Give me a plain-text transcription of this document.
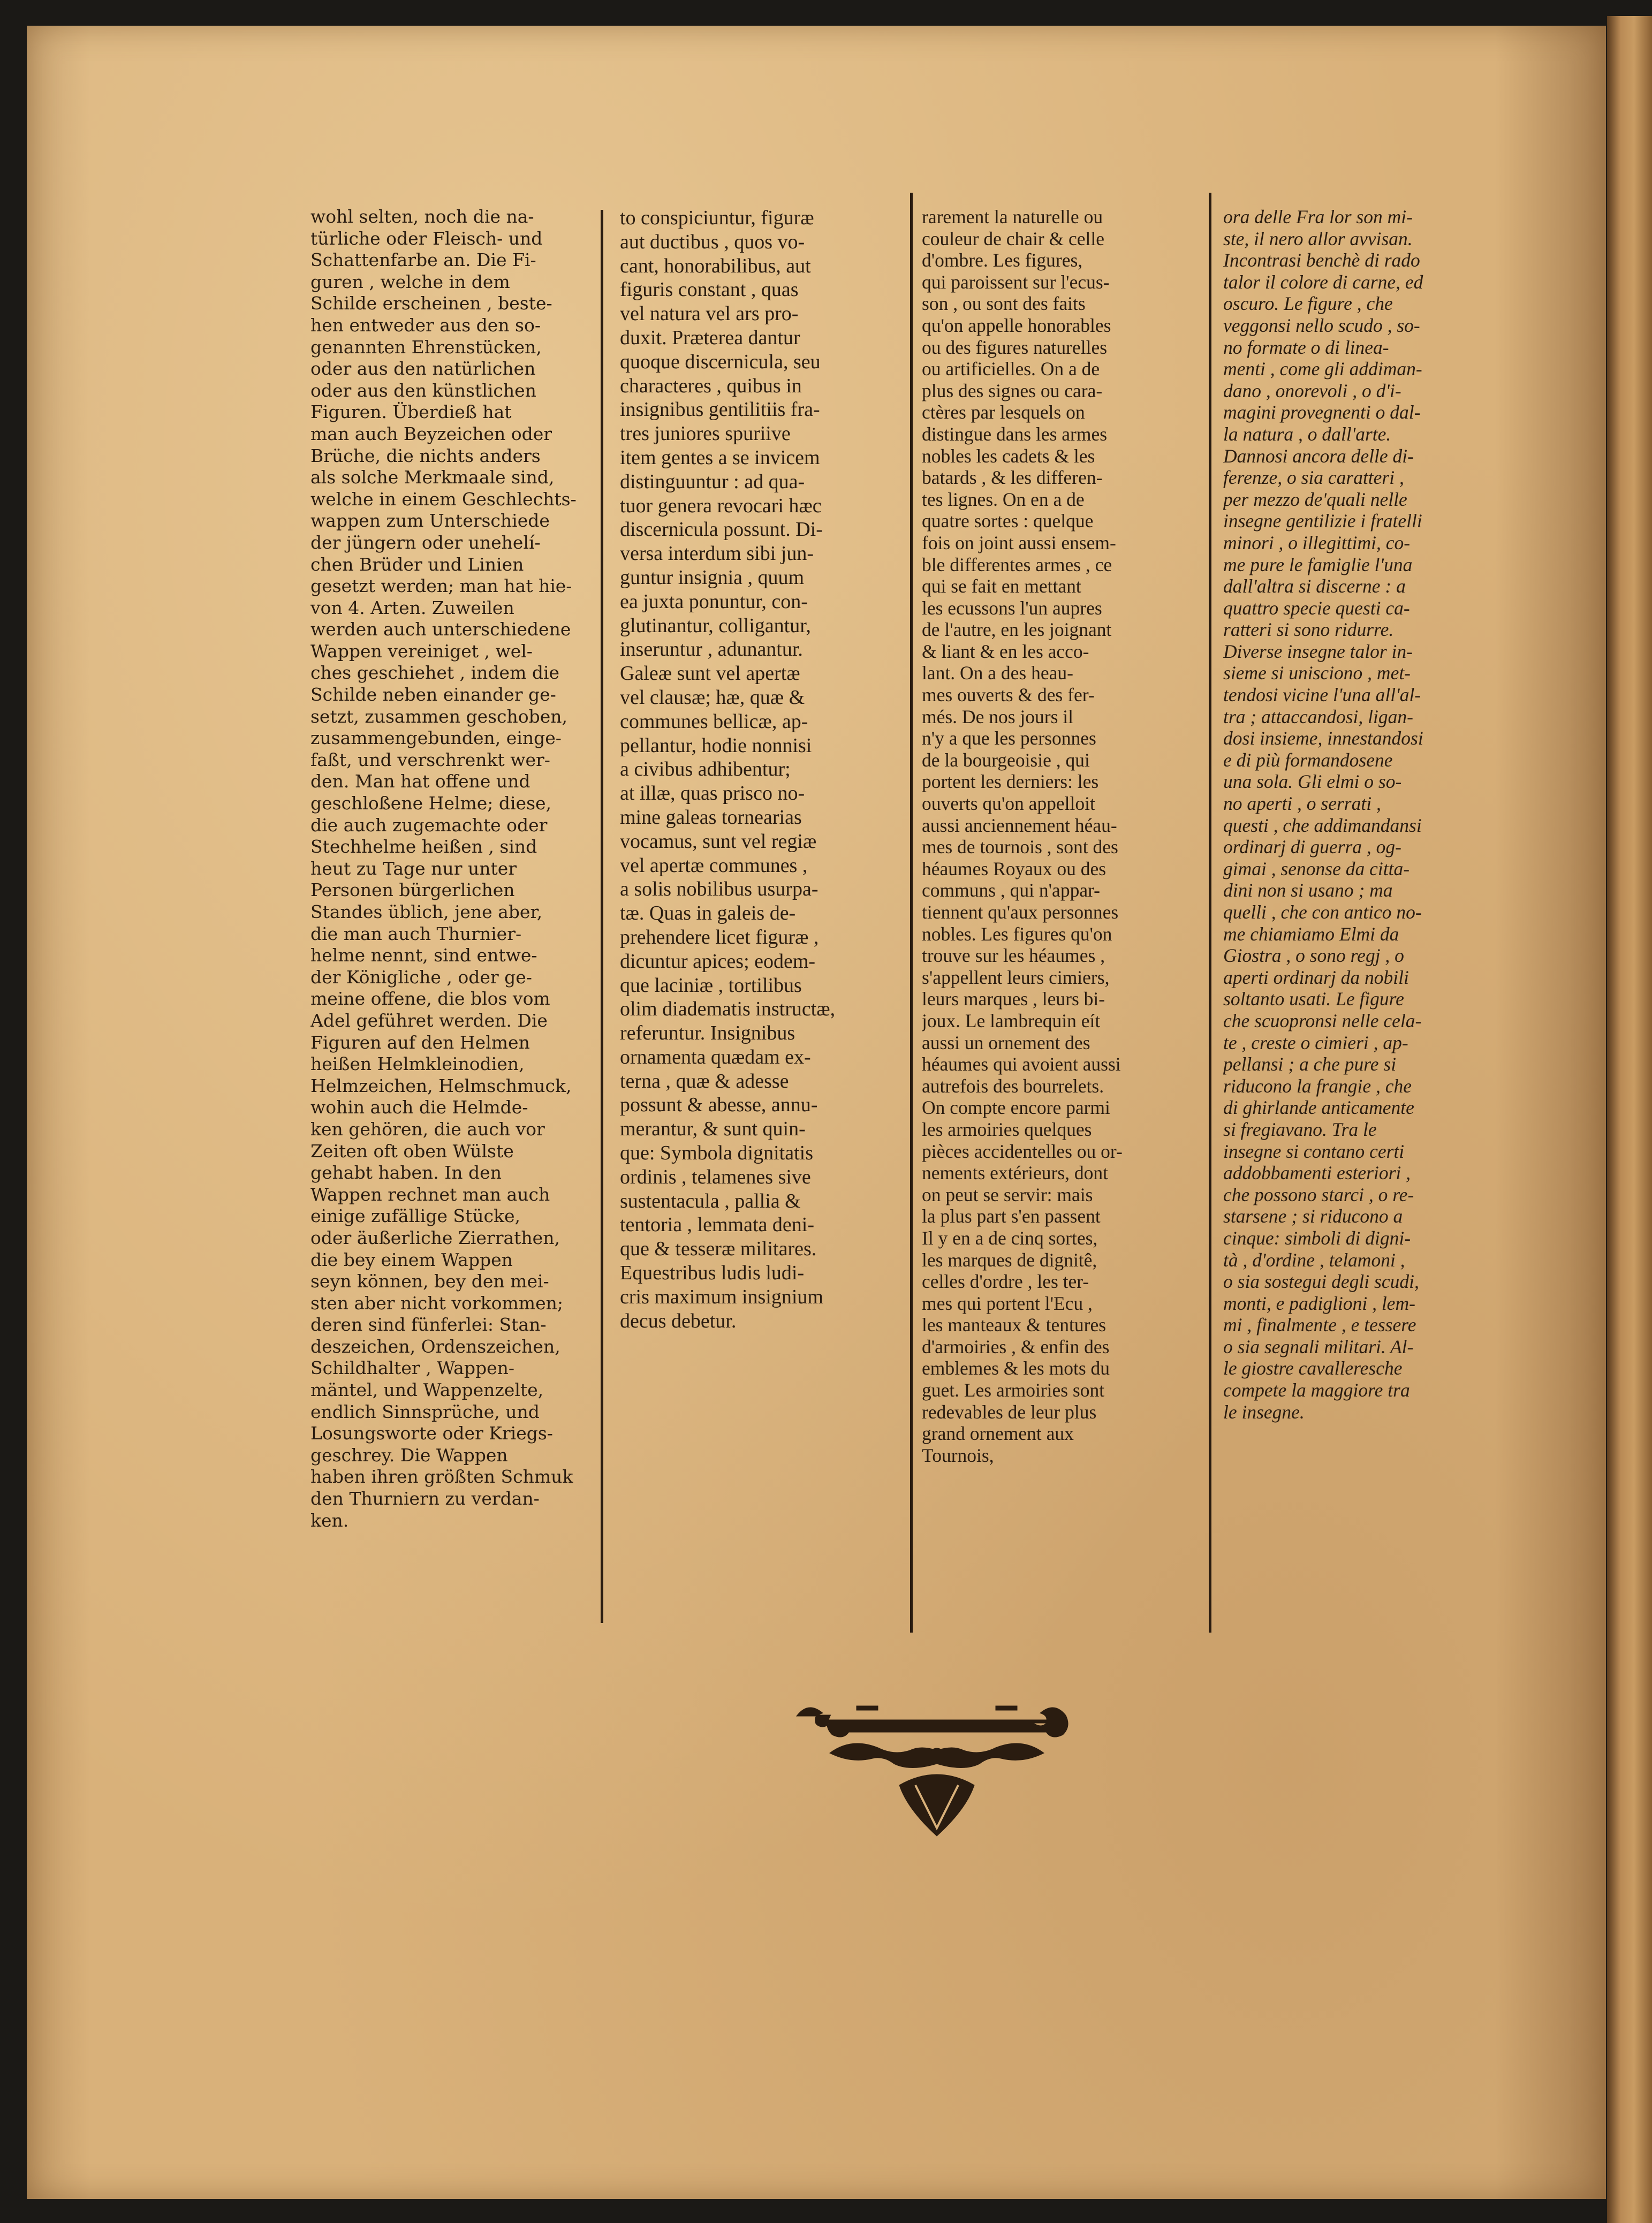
wohl selten, noch die na-
türliche oder Fleisch- und
Schattenfarbe an. Die Fi-
guren , welche in dem
Schilde erscheinen , beste-
hen entweder aus den so-
genannten Ehrenstücken,
oder aus den natürlichen
oder aus den künstlichen
Figuren. Überdieß hat
man auch Beyzeichen oder
Brüche, die nichts anders
als solche Merkmaale sind,
welche in einem Geschlechts-
wappen zum Unterschiede
der jüngern oder unehelí-
chen Brüder und Linien
gesetzt werden; man hat hie-
von 4. Arten. Zuweilen
werden auch unterschiedene
Wappen vereiniget , wel-
ches geschiehet , indem die
Schilde neben einander ge-
setzt, zusammen geschoben,
zusammengebunden, einge-
faßt, und verschrenkt wer-
den. Man hat offene und
geschloßene Helme; diese,
die auch zugemachte oder
Stechhelme heißen , sind
heut zu Tage nur unter
Personen bürgerlichen
Standes üblich, jene aber,
die man auch Thurnier-
helme nennt, sind entwe-
der Königliche , oder ge-
meine offene, die blos vom
Adel geführet werden. Die
Figuren auf den Helmen
heißen Helmkleinodien,
Helmzeichen, Helmschmuck,
wohin auch die Helmde-
ken gehören, die auch vor
Zeiten oft oben Wülste
gehabt haben. In den
Wappen rechnet man auch
einige zufällige Stücke,
oder äußerliche Zierrathen,
die bey einem Wappen
seyn können, bey den mei-
sten aber nicht vorkommen;
deren sind fünferlei: Stan-
deszeichen, Ordenszeichen,
Schildhalter , Wappen-
mäntel, und Wappenzelte,
endlich Sinnsprüche, und
Losungsworte oder Kriegs-
geschrey. Die Wappen
haben ihren größten Schmuk
den Thurniern zu verdan-
ken.
to conspiciuntur, figuræ
aut ductibus , quos vo-
cant, honorabilibus, aut
figuris constant , quas
vel natura vel ars pro-
duxit. Præterea dantur
quoque discernicula, seu
characteres , quibus in
insignibus gentilitiis fra-
tres juniores spuriive
item gentes a se invicem
distinguuntur : ad qua-
tuor genera revocari hæc
discernicula possunt. Di-
versa interdum sibi jun-
guntur insignia , quum
ea juxta ponuntur, con-
glutinantur, colligantur,
inseruntur , adunantur.
Galeæ sunt vel apertæ
vel clausæ; hæ, quæ &
communes bellicæ, ap-
pellantur, hodie nonnisi
a civibus adhibentur;
at illæ, quas prisco no-
mine galeas tornearias
vocamus, sunt vel regiæ
vel apertæ communes ,
a solis nobilibus usurpa-
tæ. Quas in galeis de-
prehendere licet figuræ ,
dicuntur apices; eodem-
que laciniæ , tortilibus
olim diadematis instructæ,
referuntur. Insignibus
ornamenta quædam ex-
terna , quæ & adesse
possunt & abesse, annu-
merantur, & sunt quin-
que: Symbola dignitatis
ordinis , telamenes sive
sustentacula , pallia &
tentoria , lemmata deni-
que & tesseræ militares.
Equestribus ludis ludi-
cris maximum insignium
decus debetur.
rarement la naturelle ou
couleur de chair & celle
d'ombre. Les figures,
qui paroissent sur l'ecus-
son , ou sont des faits
qu'on appelle honorables
ou des figures naturelles
ou artificielles. On a de
plus des signes ou cara-
ctères par lesquels on
distingue dans les armes
nobles les cadets & les
batards , & les differen-
tes lignes. On en a de
quatre sortes : quelque
fois on joint aussi ensem-
ble differentes armes , ce
qui se fait en mettant
les ecussons l'un aupres
de l'autre, en les joignant
& liant & en les acco-
lant. On a des heau-
mes ouverts & des fer-
més. De nos jours il
n'y a que les personnes
de la bourgeoisie , qui
portent les derniers: les
ouverts qu'on appelloit
aussi anciennement héau-
mes de tournois , sont des
héaumes Royaux ou des
communs , qui n'appar-
tiennent qu'aux personnes
nobles. Les figures qu'on
trouve sur les héaumes ,
s'appellent leurs cimiers,
leurs marques , leurs bi-
joux. Le lambrequin eít
aussi un ornement des
héaumes qui avoient aussi
autrefois des bourrelets.
On compte encore parmi
les armoiries quelques
pièces accidentelles ou or-
nements extérieurs, dont
on peut se servir: mais
la plus part s'en passent
Il y en a de cinq sortes,
les marques de dignitê,
celles d'ordre , les ter-
mes qui portent l'Ecu ,
les manteaux & tentures
d'armoiries , & enfin des
emblemes & les mots du
guet. Les armoiries sont
redevables de leur plus
grand ornement aux
Tournois,
ora delle Fra lor son mi-
ste, il nero allor avvisan.
Incontrasi benchè di rado
talor il colore di carne, ed
oscuro. Le figure , che
veggonsi nello scudo , so-
no formate o di linea-
menti , come gli addiman-
dano , onorevoli , o d'i-
magini provegnenti o dal-
la natura , o dall'arte.
Dannosi ancora delle di-
ferenze, o sia caratteri ,
per mezzo de'quali nelle
insegne gentilizie i fratelli
minori , o illegittimi, co-
me pure le famiglie l'una
dall'altra si discerne : a
quattro specie questi ca-
ratteri si sono ridurre.
Diverse insegne talor in-
sieme si unisciono , met-
tendosi vicine l'una all'al-
tra ; attaccandosi, ligan-
dosi insieme, innestandosi
e di più formandosene
una sola. Gli elmi o so-
no aperti , o serrati ,
questi , che addimandansi
ordinarj di guerra , og-
gimai , senonse da citta-
dini non si usano ; ma
quelli , che con antico no-
me chiamiamo Elmi da
Giostra , o sono regj , o
aperti ordinarj da nobili
soltanto usati. Le figure
che scuopronsi nelle cela-
te , creste o cimieri , ap-
pellansi ; a che pure si
riducono la frangie , che
di ghirlande anticamente
si fregiavano. Tra le
insegne si contano certi
addobbamenti esteriori ,
che possono starci , o re-
starsene ; si riducono a
cinque: simboli di digni-
tà , d'ordine , telamoni ,
o sia sostegui degli scudi,
monti, e padiglioni , lem-
mi , finalmente , e tessere
o sia segnali militari. Al-
le giostre cavalleresche
compete la maggiore tra
le insegne.
